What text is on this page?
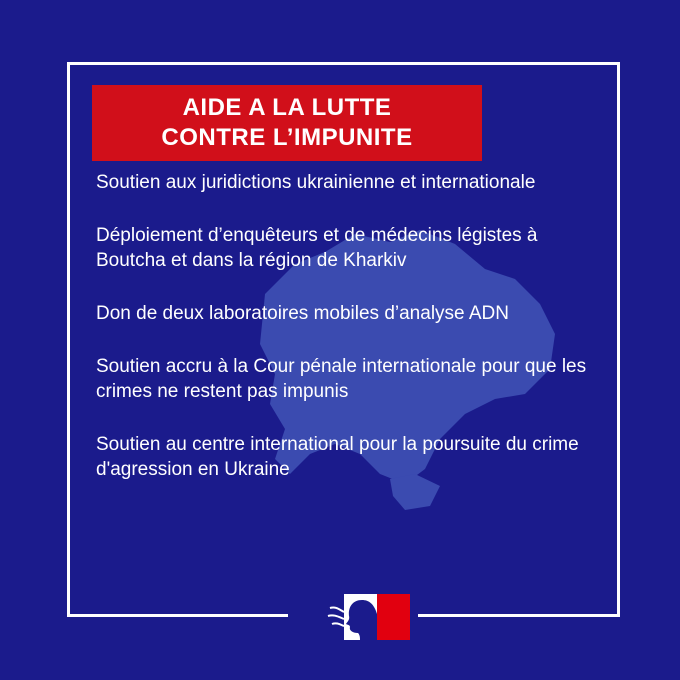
AIDE A LA LUTTE
CONTRE L’IMPUNITE

Soutien aux juridictions ukrainienne et internationale

Déploiement d’enquêteurs et de médecins légistes à Boutcha et dans la région de Kharkiv

Don de deux laboratoires mobiles d’analyse ADN

Soutien accru à la Cour pénale internationale pour que les crimes ne restent pas impunis

Soutien au centre international pour la poursuite du crime d'agression en Ukraine
